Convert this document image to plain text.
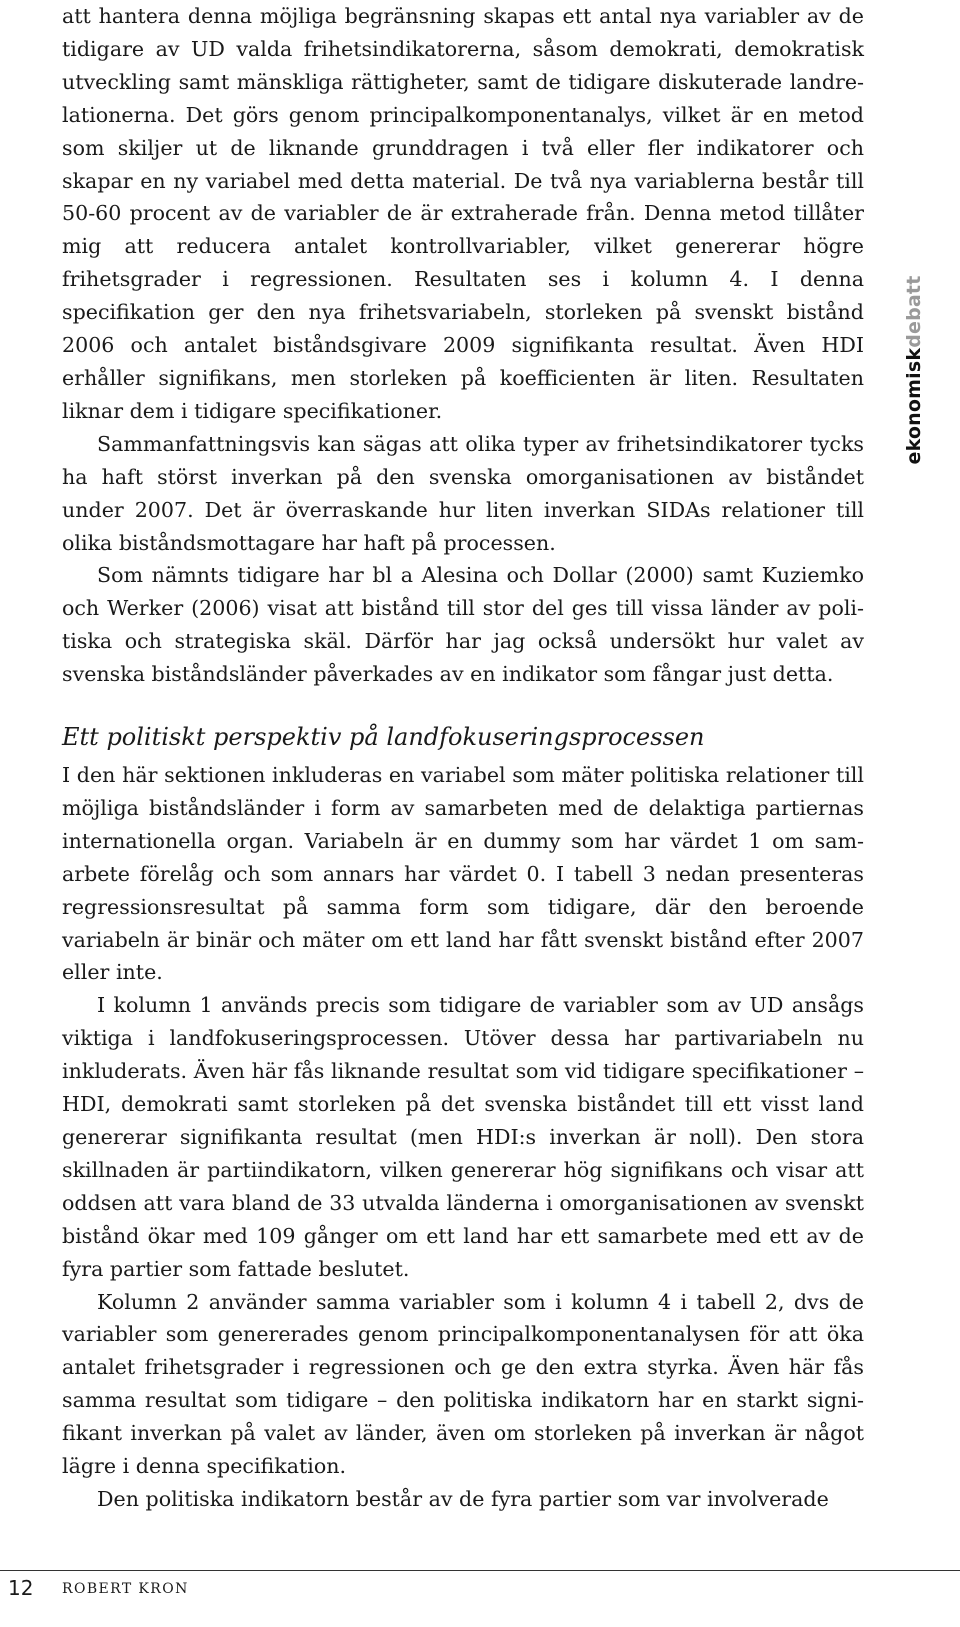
att hantera denna möjliga begränsning skapas ett antal nya variabler av de tidigare av UD valda frihetsindikatorerna, såsom demokrati, demokratisk utveckling samt mänskliga rättigheter, samt de tidigare diskuterade landrelationerna. Det görs genom principalkomponentanalys, vilket är en metod som skiljer ut de liknande grunddragen i två eller fler indikatorer och skapar en ny variabel med detta material. De två nya variablerna består till 50-60 procent av de variabler de är extraherade från. Denna metod tillåter mig att reducera antalet kontrollvariabler, vilket genererar högre frihetsgrader i regressionen. Resultaten ses i kolumn 4. I denna specifikation ger den nya frihetsvariabeln, storleken på svenskt bistånd 2006 och antalet biståndsgivare 2009 signifikanta resultat. Även HDI erhåller signifikans, men storleken på koefficienten är liten. Resultaten liknar dem i tidigare specifikationer.

Sammanfattningsvis kan sägas att olika typer av frihetsindikatorer tycks ha haft störst inverkan på den svenska omorganisationen av biståndet under 2007. Det är överraskande hur liten inverkan SIDAs relationer till olika biståndsmottagare har haft på processen.

Som nämnts tidigare har bl a Alesina och Dollar (2000) samt Kuziemko och Werker (2006) visat att bistånd till stor del ges till vissa länder av politiska och strategiska skäl. Därför har jag också undersökt hur valet av svenska biståndsländer påverkades av en indikator som fångar just detta.

Ett politiskt perspektiv på landfokuseringsprocessen

I den här sektionen inkluderas en variabel som mäter politiska relationer till möjliga biståndsländer i form av samarbeten med de delaktiga partiernas internationella organ. Variabeln är en dummy som har värdet 1 om samarbete förelåg och som annars har värdet 0. I tabell 3 nedan presenteras regressionsresultat på samma form som tidigare, där den beroende variabeln är binär och mäter om ett land har fått svenskt bistånd efter 2007 eller inte.

I kolumn 1 används precis som tidigare de variabler som av UD ansågs viktiga i landfokuseringsprocessen. Utöver dessa har partivariabeln nu inkluderats. Även här fås liknande resultat som vid tidigare specifikationer – HDI, demokrati samt storleken på det svenska biståndet till ett visst land genererar signifikanta resultat (men HDI:s inverkan är noll). Den stora skillnaden är partiindikatorn, vilken genererar hög signifikans och visar att oddsen att vara bland de 33 utvalda länderna i omorganisationen av svenskt bistånd ökar med 109 gånger om ett land har ett samarbete med ett av de fyra partier som fattade beslutet.

Kolumn 2 använder samma variabler som i kolumn 4 i tabell 2, dvs de variabler som genererades genom principalkomponentanalysen för att öka antalet frihetsgrader i regressionen och ge den extra styrka. Även här fås samma resultat som tidigare – den politiska indikatorn har en starkt signifikant inverkan på valet av länder, även om storleken på inverkan är något lägre i denna specifikation.

Den politiska indikatorn består av de fyra partier som var involverade

ekonomiskdebatt
12 ROBERT KRON
